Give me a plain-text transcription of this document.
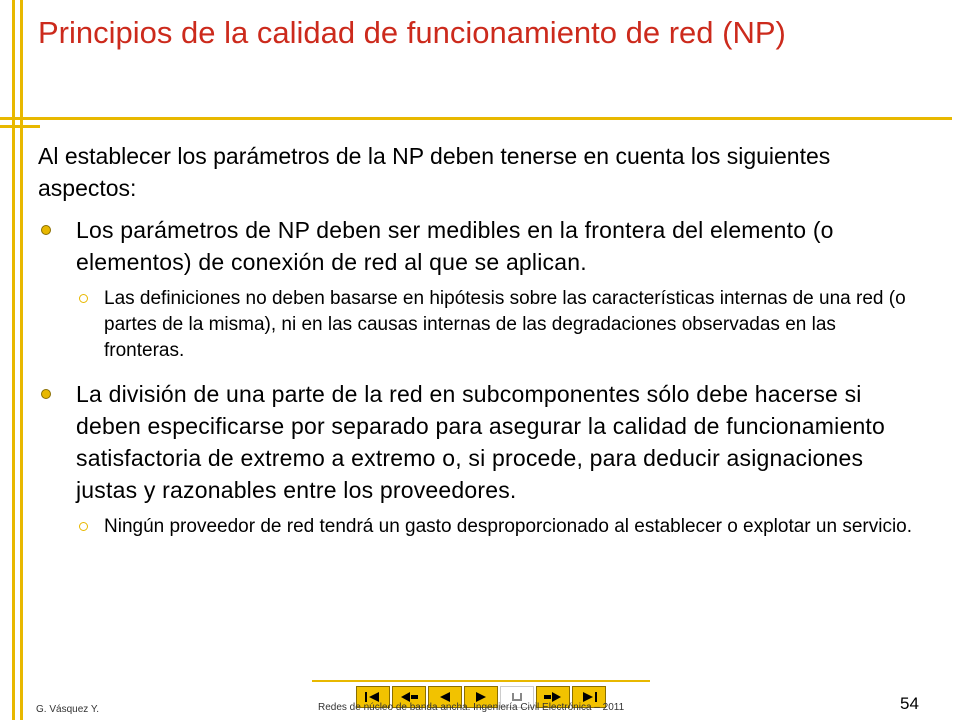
Principios de la calidad de funcionamiento de red (NP)

Al establecer los parámetros de la NP deben tenerse en cuenta los siguientes aspectos:

Los parámetros de NP deben ser medibles en la frontera del elemento (o elementos) de conexión de red al que se aplican.
Las definiciones no deben basarse en hipótesis sobre las características internas de una red (o partes de la misma), ni en las causas internas de las degradaciones observadas en las fronteras.
La división de una parte de la red en subcomponentes sólo debe hacerse si deben especificarse por separado para asegurar la calidad de funcionamiento satisfactoria de extremo a extremo o, si procede, para deducir asignaciones justas y razonables entre los proveedores.
Ningún proveedor de red tendrá un gasto desproporcionado al establecer o explotar un servicio.
G. Vásquez Y.	Redes de núcleo de banda ancha. Ingeniería Civil Electrónica – 2011	54
